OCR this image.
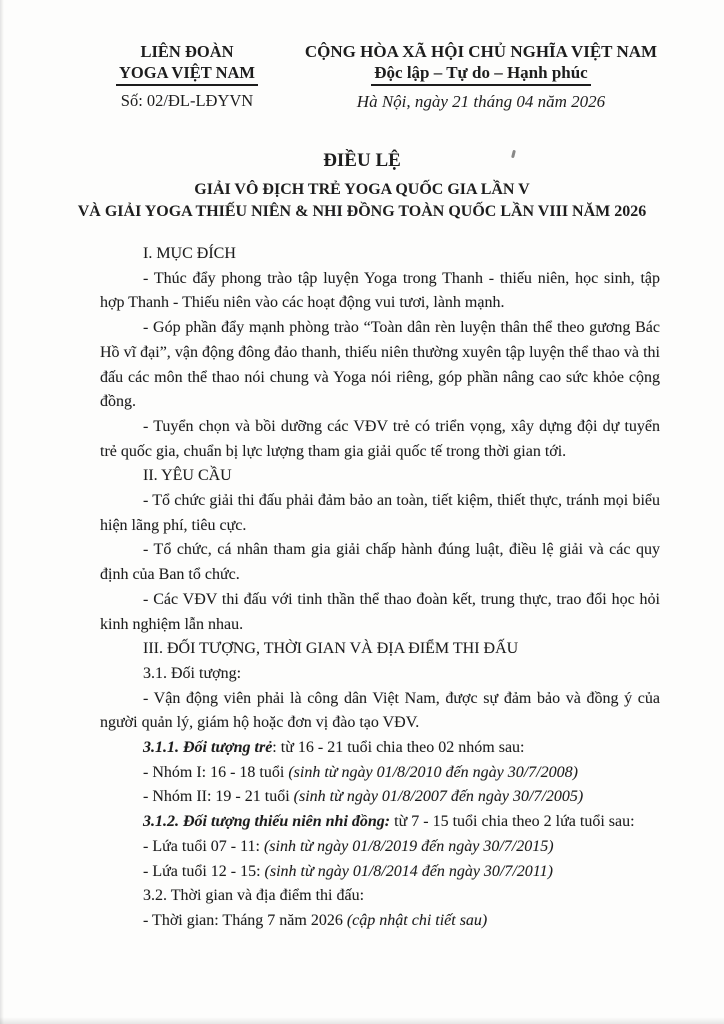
LIÊN ĐOÀN
YOGA VIỆT NAM
Số: 02/ĐL-LĐYVN
CỘNG HÒA XÃ HỘI CHỦ NGHĨA VIỆT NAM
Độc lập – Tự do – Hạnh phúc
Hà Nội, ngày 21 tháng 04 năm 2026
ĐIỀU LỆ
GIẢI VÔ ĐỊCH TRẺ YOGA QUỐC GIA LẦN V
VÀ GIẢI YOGA THIẾU NIÊN & NHI ĐỒNG TOÀN QUỐC LẦN VIII NĂM 2026

I. MỤC ĐÍCH

- Thúc đẩy phong trào tập luyện Yoga trong Thanh - thiếu niên, học sinh, tập hợp Thanh - Thiếu niên vào các hoạt động vui tươi, lành mạnh.

- Góp phần đẩy mạnh phòng trào “Toàn dân rèn luyện thân thể theo gương Bác Hồ vĩ đại”, vận động đông đảo thanh, thiếu niên thường xuyên tập luyện thể thao và thi đấu các môn thể thao nói chung và Yoga nói riêng, góp phần nâng cao sức khỏe cộng đồng.

- Tuyển chọn và bồi dưỡng các VĐV trẻ có triển vọng, xây dựng đội dự tuyển trẻ quốc gia, chuẩn bị lực lượng tham gia giải quốc tế trong thời gian tới.

II. YÊU CẦU

- Tổ chức giải thi đấu phải đảm bảo an toàn, tiết kiệm, thiết thực, tránh mọi biểu hiện lãng phí, tiêu cực.

- Tổ chức, cá nhân tham gia giải chấp hành đúng luật, điều lệ giải và các quy định của Ban tổ chức.

- Các VĐV thi đấu với tinh thần thể thao đoàn kết, trung thực, trao đổi học hỏi kinh nghiệm lẫn nhau.

III. ĐỐI TƯỢNG, THỜI GIAN VÀ ĐỊA ĐIỂM THI ĐẤU

3.1. Đối tượng:

- Vận động viên phải là công dân Việt Nam, được sự đảm bảo và đồng ý của người quản lý, giám hộ hoặc đơn vị đào tạo VĐV.

3.1.1. Đối tượng trẻ: từ 16 - 21 tuổi chia theo 02 nhóm sau:

- Nhóm I: 16 - 18 tuổi (sinh từ ngày 01/8/2010 đến ngày 30/7/2008)

- Nhóm II: 19 - 21 tuổi (sinh từ ngày 01/8/2007 đến ngày 30/7/2005)

3.1.2. Đối tượng thiếu niên nhi đồng: từ 7 - 15 tuổi chia theo 2 lứa tuổi sau:

- Lứa tuổi 07 - 11: (sinh từ ngày 01/8/2019 đến ngày 30/7/2015)

- Lứa tuổi 12 - 15: (sinh từ ngày 01/8/2014 đến ngày 30/7/2011)

3.2. Thời gian và địa điểm thi đấu:

- Thời gian: Tháng 7 năm 2026 (cập nhật chi tiết sau)
